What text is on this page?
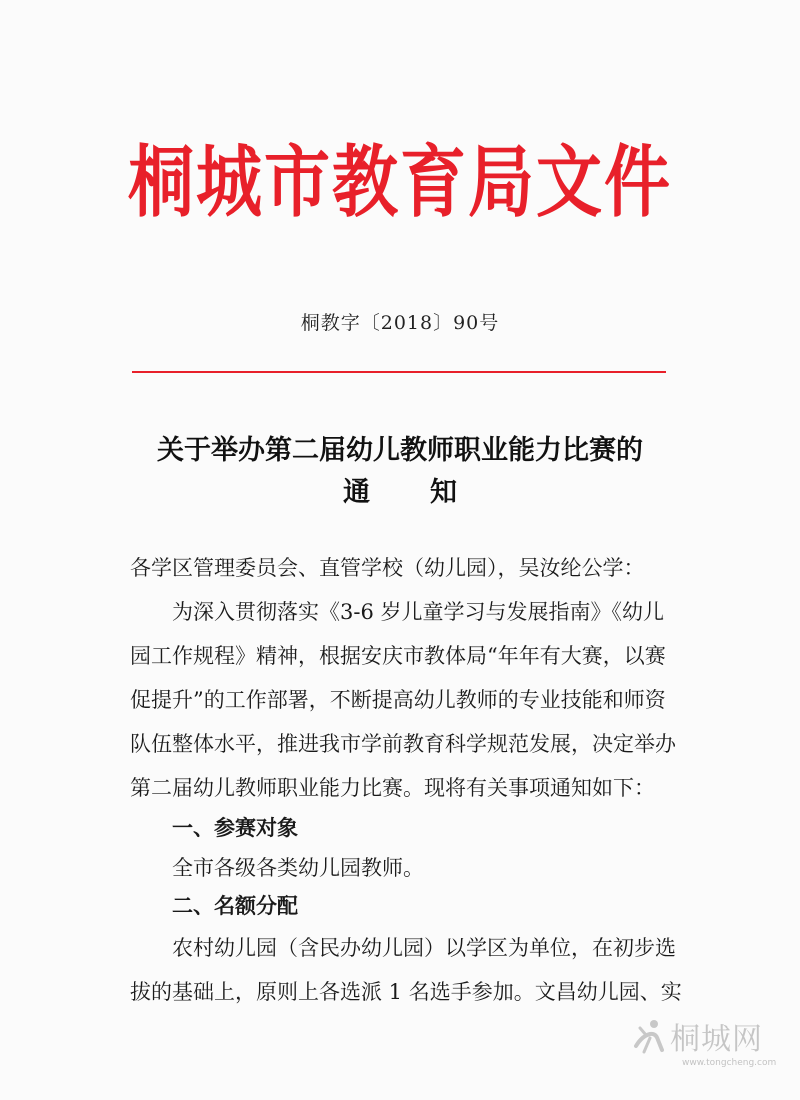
桐城市教育局文件
桐教字〔2018〕90号
关于举办第二届幼儿教师职业能力比赛的
通知
各学区管理委员会、直管学校（幼儿园），吴汝纶公学：
　　为深入贯彻落实《3-6 岁儿童学习与发展指南》《幼儿
园工作规程》精神，根据安庆市教体局“年年有大赛，以赛
促提升”的工作部署，不断提高幼儿教师的专业技能和师资
队伍整体水平，推进我市学前教育科学规范发展，决定举办
第二届幼儿教师职业能力比赛。现将有关事项通知如下：
　　一、参赛对象
　　全市各级各类幼儿园教师。
　　二、名额分配
　　农村幼儿园（含民办幼儿园）以学区为单位，在初步选
拔的基础上，原则上各选派 1 名选手参加。文昌幼儿园、实
桐城网
www.tongcheng.com
